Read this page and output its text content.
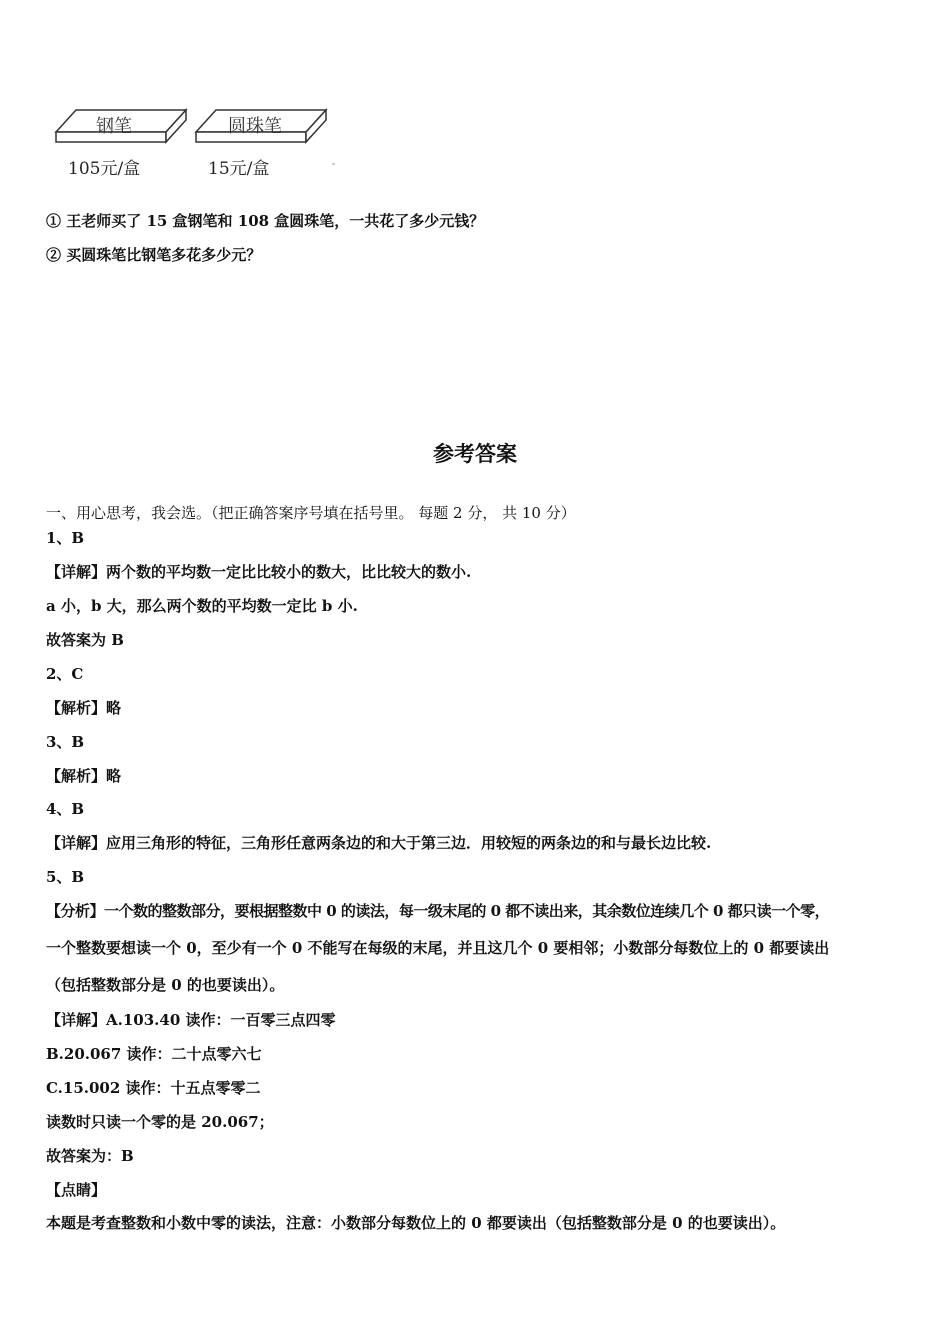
钢笔	圆珠笔
105元/盒	15元/盒
① 王老师买了 15 盒钢笔和 108 盒圆珠笔，一共花了多少元钱？
② 买圆珠笔比钢笔多花多少元？
参考答案
一、用心思考，我会选。（把正确答案序号填在括号里。 每题 2 分， 共 10 分）
1、B
【详解】两个数的平均数一定比比较小的数大，比比较大的数小.
a 小，b 大，那么两个数的平均数一定比 b 小.
故答案为 B
2、C
【解析】略
3、B
【解析】略
4、B
【详解】应用三角形的特征，三角形任意两条边的和大于第三边．用较短的两条边的和与最长边比较.
5、B
【分析】一个数的整数部分，要根据整数中 0 的读法，每一级末尾的 0 都不读出来，其余数位连续几个 0 都只读一个零，
一个整数要想读一个 0，至少有一个 0 不能写在每级的末尾，并且这几个 0 要相邻；小数部分每数位上的 0 都要读出
（包括整数部分是 0 的也要读出）。
【详解】A.103.40 读作：一百零三点四零
B.20.067 读作：二十点零六七
C.15.002 读作：十五点零零二
读数时只读一个零的是 20.067；
故答案为：B
【点睛】
本题是考查整数和小数中零的读法，注意：小数部分每数位上的 0 都要读出（包括整数部分是 0 的也要读出）。
